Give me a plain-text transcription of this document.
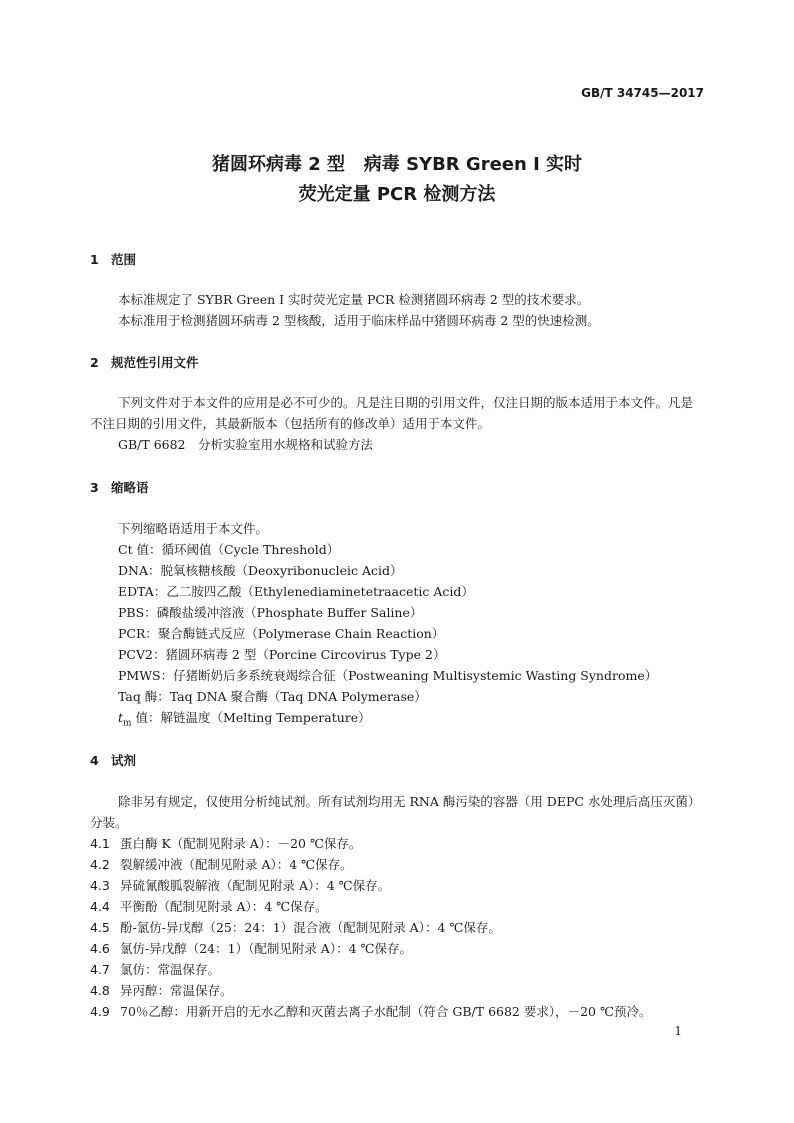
GB/T 34745—2017
猪圆环病毒 2 型   病毒 SYBR Green Ⅰ 实时
荧光定量 PCR 检测方法
1 范围
本标准规定了 SYBR Green Ⅰ 实时荧光定量 PCR 检测猪圆环病毒 2 型的技术要求。
本标准用于检测猪圆环病毒 2 型核酸，适用于临床样品中猪圆环病毒 2 型的快速检测。
2 规范性引用文件
下列文件对于本文件的应用是必不可少的。凡是注日期的引用文件，仅注日期的版本适用于本文件。凡是不注日期的引用文件，其最新版本（包括所有的修改单）适用于本文件。
GB/T 6682　分析实验室用水规格和试验方法
3 缩略语
下列缩略语适用于本文件。
Ct 值：循环阈值（Cycle Threshold）
DNA：脱氧核糖核酸（Deoxyribonucleic Acid）
EDTA：乙二胺四乙酸（Ethylenediaminetetraacetic Acid）
PBS：磷酸盐缓冲溶液（Phosphate Buffer Saline）
PCR：聚合酶链式反应（Polymerase Chain Reaction）
PCV2：猪圆环病毒 2 型（Porcine Circovirus Type 2）
PMWS：仔猪断奶后多系统衰竭综合征（Postweaning Multisystemic Wasting Syndrome）
Taq 酶：Taq DNA 聚合酶（Taq DNA Polymerase）
$t_m$ 值：解链温度（Melting Temperature）
4 试剂
除非另有规定，仅使用分析纯试剂。所有试剂均用无 RNA 酶污染的容器（用 DEPC 水处理后高压灭菌）分装。
4.1 蛋白酶 K（配制见附录 A）：－20 ℃保存。
4.2 裂解缓冲液（配制见附录 A）：4 ℃保存。
4.3 异硫氰酸胍裂解液（配制见附录 A）：4 ℃保存。
4.4 平衡酚（配制见附录 A）：4 ℃保存。
4.5 酚-氯仿-异戊醇（25：24：1）混合液（配制见附录 A）：4 ℃保存。
4.6 氯仿-异戊醇（24：1）（配制见附录 A）：4 ℃保存。
4.7 氯仿：常温保存。
4.8 异丙醇：常温保存。
4.9 70％乙醇：用新开启的无水乙醇和灭菌去离子水配制（符合 GB/T 6682 要求），－20 ℃预冷。
1
